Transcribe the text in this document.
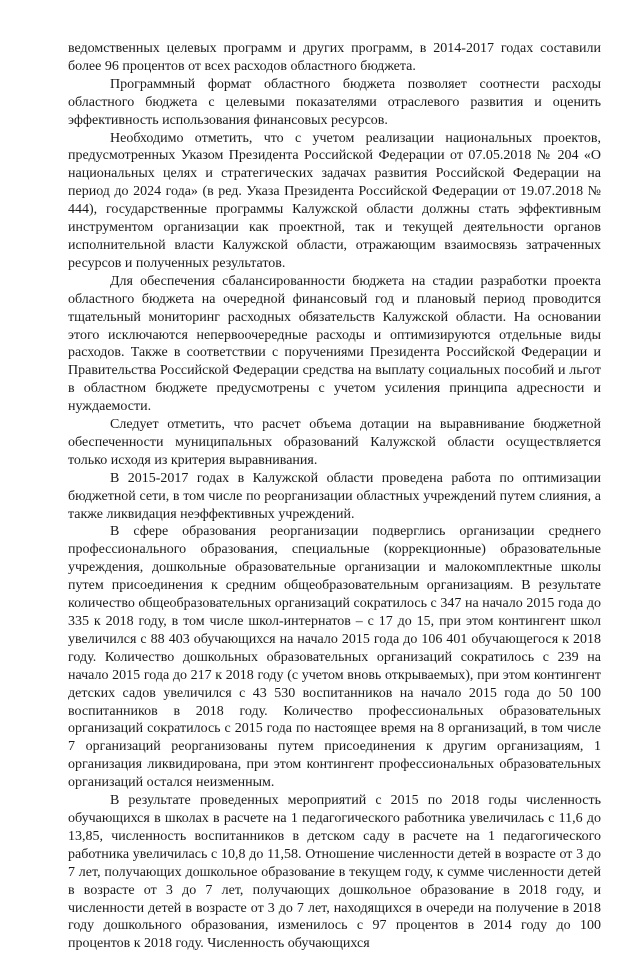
ведомственных целевых программ и других программ, в 2014-2017 годах составили более 96 процентов от всех расходов областного бюджета.

Программный формат областного бюджета позволяет соотнести расходы областного бюджета с целевыми показателями отраслевого развития и оценить эффективность использования финансовых ресурсов.

Необходимо отметить, что с учетом реализации национальных проектов, предусмотренных Указом Президента Российской Федерации от 07.05.2018 № 204 «О национальных целях и стратегических задачах развития Российской Федерации на период до 2024 года» (в ред. Указа Президента Российской Федерации от 19.07.2018 № 444), государственные программы Калужской области должны стать эффективным инструментом организации как проектной, так и текущей деятельности органов исполнительной власти Калужской области, отражающим взаимосвязь затраченных ресурсов и полученных результатов.

Для обеспечения сбалансированности бюджета на стадии разработки проекта областного бюджета на очередной финансовый год и плановый период проводится тщательный мониторинг расходных обязательств Калужской области. На основании этого исключаются непервоочередные расходы и оптимизируются отдельные виды расходов. Также в соответствии с поручениями Президента Российской Федерации и Правительства Российской Федерации средства на выплату социальных пособий и льгот в областном бюджете предусмотрены с учетом усиления принципа адресности и нуждаемости.

Следует отметить, что расчет объема дотации на выравнивание бюджетной обеспеченности муниципальных образований Калужской области осуществляется только исходя из критерия выравнивания.

В 2015-2017 годах в Калужской области проведена работа по оптимизации бюджетной сети, в том числе по реорганизации областных учреждений путем слияния, а также ликвидация неэффективных учреждений.

В сфере образования реорганизации подверглись организации среднего профессионального образования, специальные (коррекционные) образовательные учреждения, дошкольные образовательные организации и малокомплектные школы путем присоединения к средним общеобразовательным организациям. В результате количество общеобразовательных организаций сократилось с 347 на начало 2015 года до 335 к 2018 году, в том числе школ-интернатов – с 17 до 15, при этом контингент школ увеличился с 88 403 обучающихся на начало 2015 года до 106 401 обучающегося к 2018 году. Количество дошкольных образовательных организаций сократилось с 239 на начало 2015 года до 217 к 2018 году (с учетом вновь открываемых), при этом контингент детских садов увеличился с 43 530 воспитанников на начало 2015 года до 50 100 воспитанников в 2018 году. Количество профессиональных образовательных организаций сократилось с 2015 года по настоящее время на 8 организаций, в том числе 7 организаций реорганизованы путем присоединения к другим организациям, 1 организация ликвидирована, при этом контингент профессиональных образовательных организаций остался неизменным.

В результате проведенных мероприятий с 2015 по 2018 годы численность обучающихся в школах в расчете на 1 педагогического работника увеличилась с 11,6 до 13,85, численность воспитанников в детском саду в расчете на 1 педагогического работника увеличилась с 10,8 до 11,58. Отношение численности детей в возрасте от 3 до 7 лет, получающих дошкольное образование в текущем году, к сумме численности детей в возрасте от 3 до 7 лет, получающих дошкольное образование в 2018 году, и численности детей в возрасте от 3 до 7 лет, находящихся в очереди на получение в 2018 году дошкольного образования, изменилось с 97 процентов в 2014 году до 100 процентов к 2018 году. Численность обучающихся
